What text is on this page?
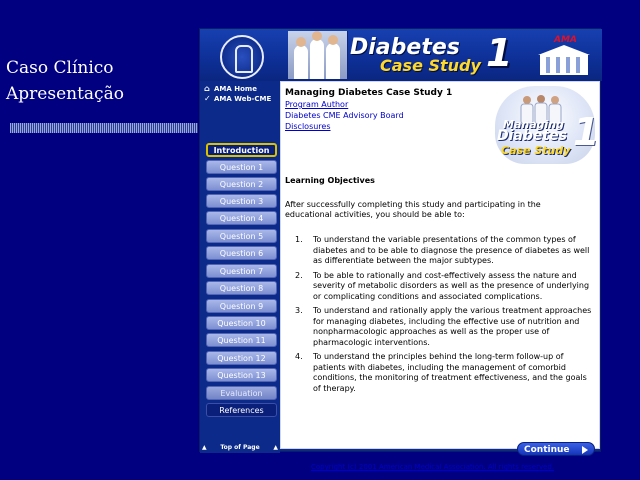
Caso Clínico
Apresentação
Diabetes
Case Study 1	AMA
⌂ AMA Home
✓ AMA Web-CME
Introduction
Question 1
Question 2
Question 3
Question 4
Question 5
Question 6
Question 7
Question 8
Question 9
Question 10
Question 11
Question 12
Question 13
Evaluation
References
▲ Top of Page ▲
Managing Diabetes Case Study 1
Program Author
Diabetes CME Advisory Board
Disclosures	Managing
Diabetes
Case Study 1
Learning Objectives
After successfully completing this study and participating in the educational activities, you should be able to:
1. To understand the variable presentations of the common types of diabetes and to be able to diagnose the presence of diabetes as well as differentiate between the major subtypes.
2. To be able to rationally and cost-effectively assess the nature and severity of metabolic disorders as well as the presence of underlying or complicating conditions and associated complications.
3. To understand and rationally apply the various treatment approaches for managing diabetes, including the effective use of nutrition and nonpharmacologic approaches as well as the proper use of pharmacologic interventions.
4. To understand the principles behind the long-term follow-up of patients with diabetes, including the management of comorbid conditions, the monitoring of treatment effectiveness, and the goals of therapy.
Continue
Copyright (c) 2001 American Medical Association. All rights reserved.
